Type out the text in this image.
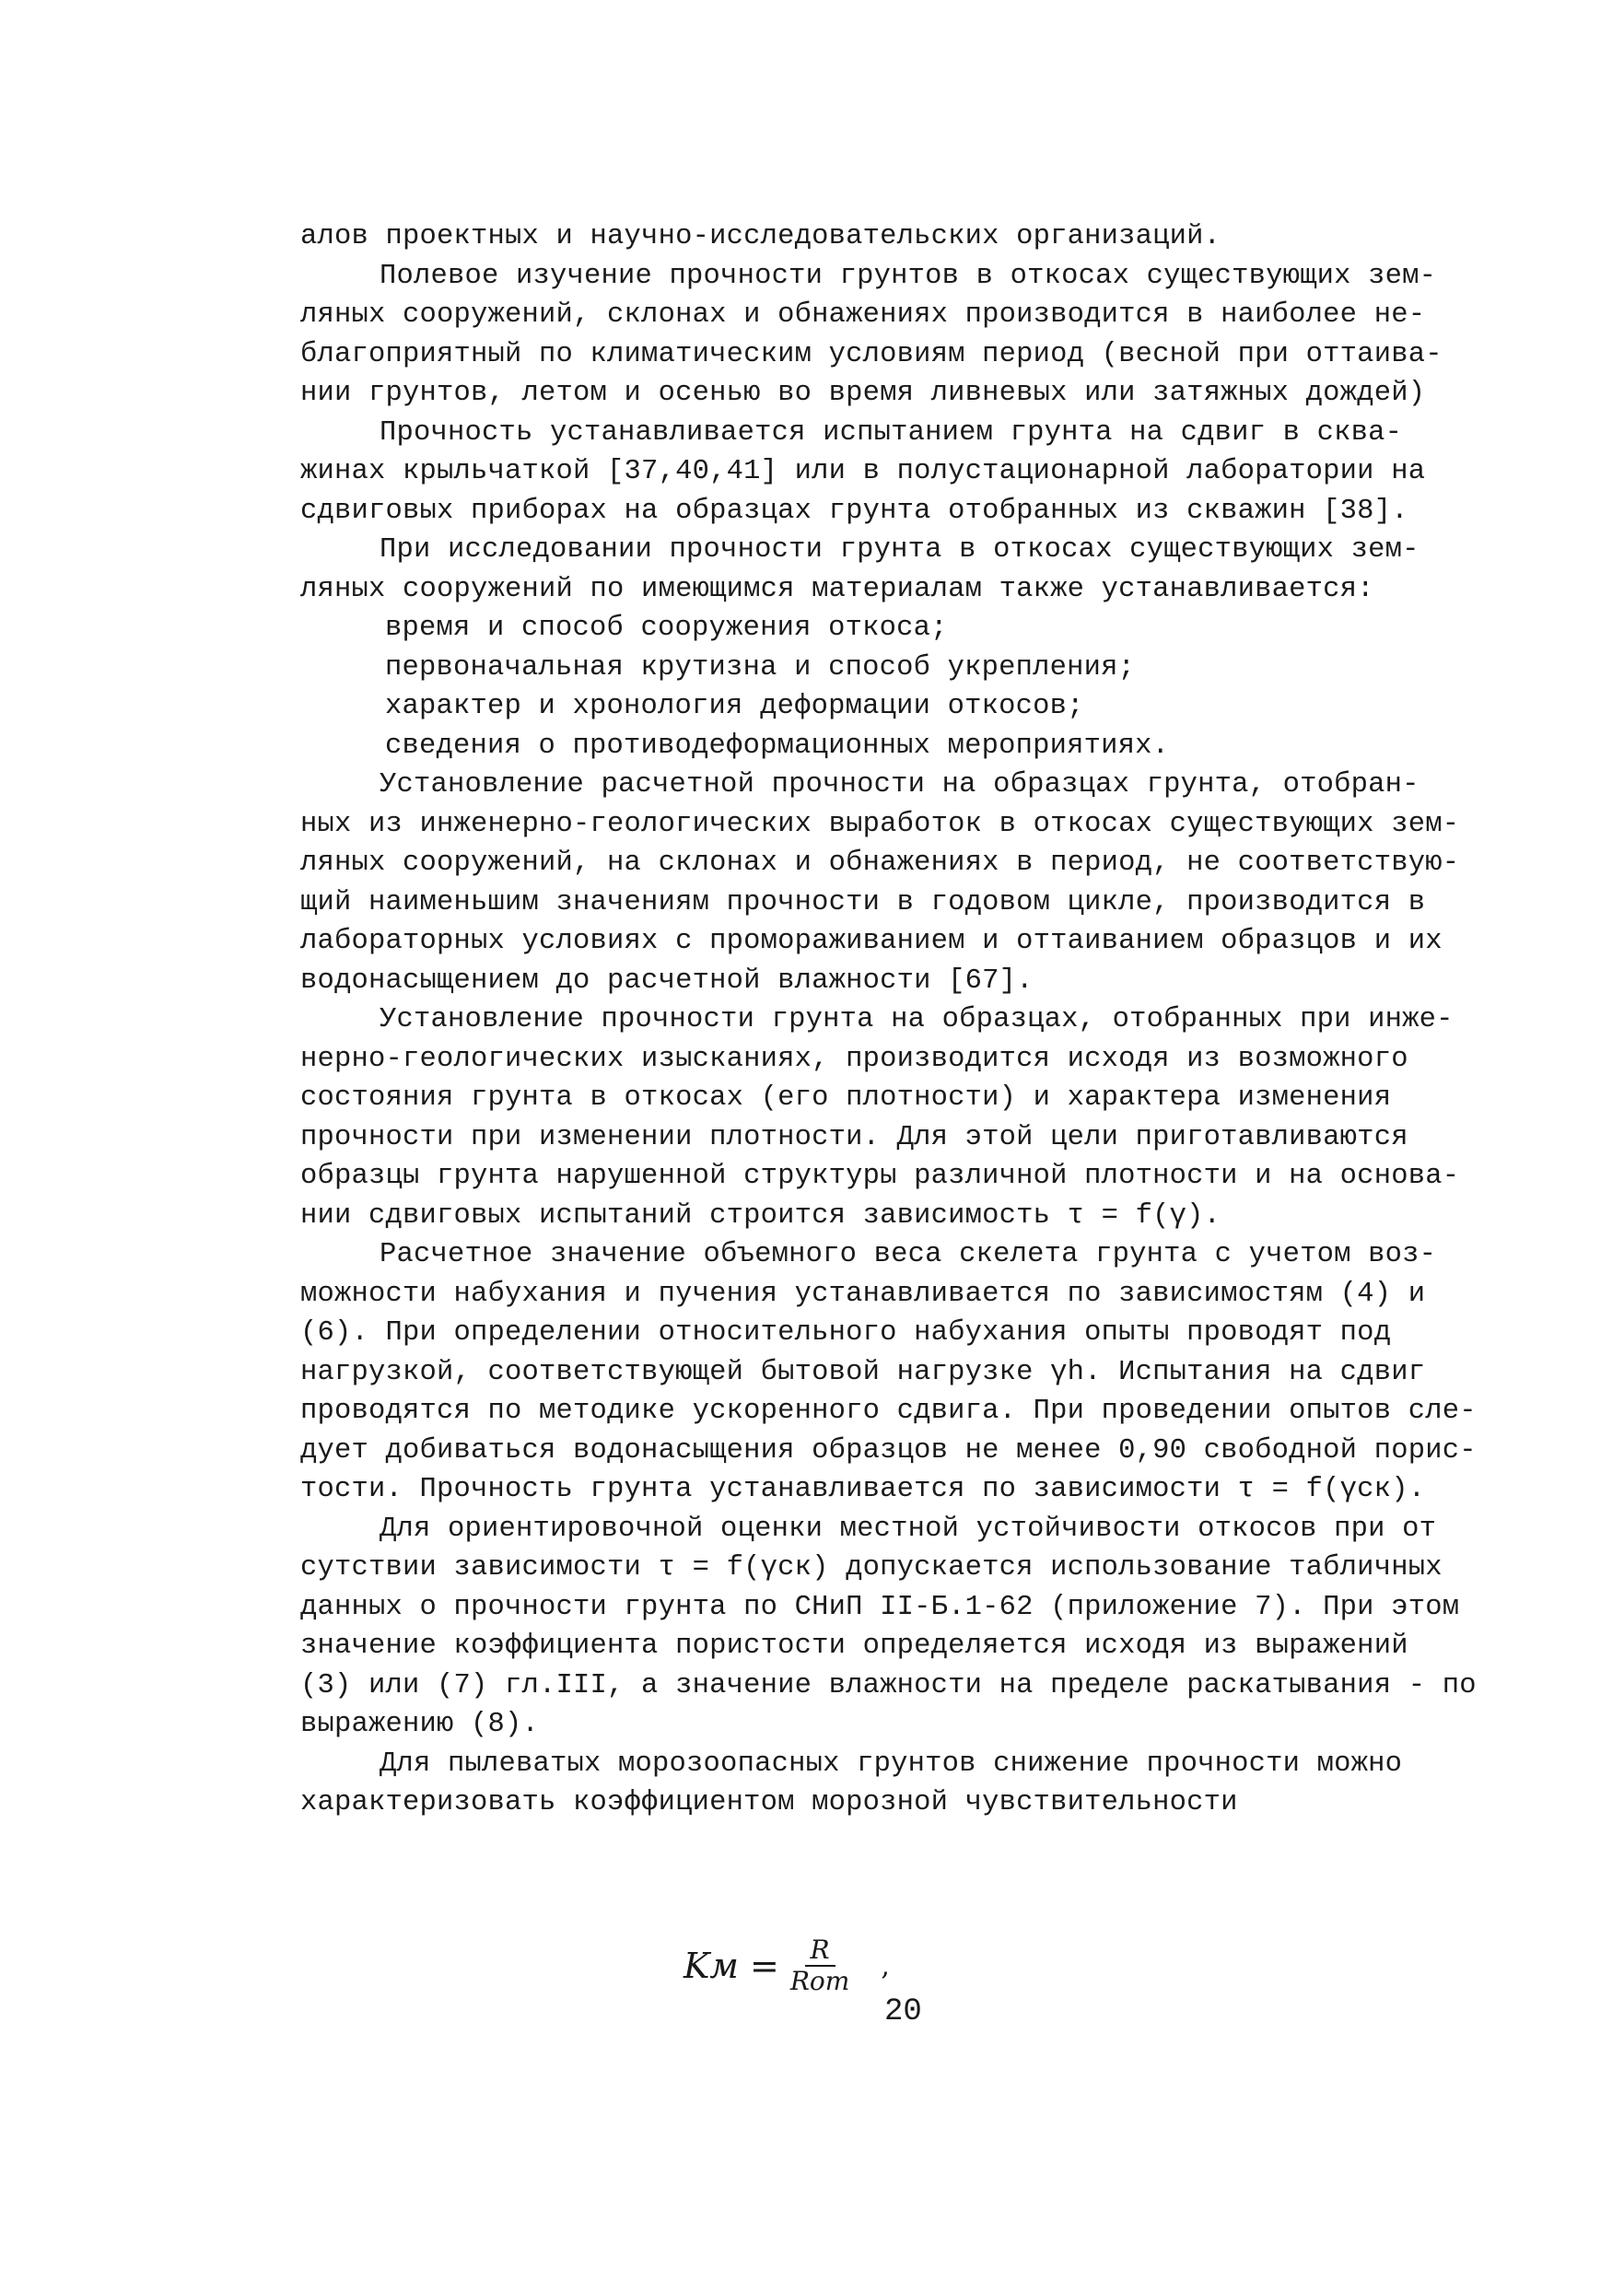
алов проектных и научно-исследовательских организаций.
Полевое изучение прочности грунтов в откосах существующих зем-
ляных сооружений, склонах и обнажениях производится в наиболее не-
благоприятный по климатическим условиям период (весной при оттаива-
нии грунтов, летом и осенью во время ливневых или затяжных дождей)
Прочность устанавливается испытанием грунта на сдвиг в сква-
жинах крыльчаткой [37,40,41] или в полустационарной лаборатории на
сдвиговых приборах на образцах грунта отобранных из скважин [38].
При исследовании прочности грунта в откосах существующих зем-
ляных сооружений по имеющимся материалам также устанавливается:
время и способ сооружения откоса;
первоначальная крутизна и способ укрепления;
характер и хронология деформации откосов;
сведения о противодеформационных мероприятиях.
Установление расчетной прочности на образцах грунта, отобран-
ных из инженерно-геологических выработок в откосах существующих зем-
ляных сооружений, на склонах и обнажениях в период, не соответствую-
щий наименьшим значениям прочности в годовом цикле, производится в
лабораторных условиях с промораживанием и оттаиванием образцов и их
водонасыщением до расчетной влажности [67].
Установление прочности грунта на образцах, отобранных при инже-
нерно-геологических изысканиях, производится исходя из возможного
состояния грунта в откосах (его плотности) и характера изменения
прочности при изменении плотности. Для этой цели приготавливаются
образцы грунта нарушенной структуры различной плотности и на основа-
нии сдвиговых испытаний строится зависимость τ = f(γ).
Расчетное значение объемного веса скелета грунта с учетом воз-
можности набухания и пучения устанавливается по зависимостям (4) и
(6). При определении относительного набухания опыты проводят под
нагрузкой, соответствующей бытовой нагрузке γh. Испытания на сдвиг
проводятся по методике ускоренного сдвига. При проведении опытов сле-
дует добиваться водонасыщения образцов не менее 0,90 свободной порис-
тости. Прочность грунта устанавливается по зависимости τ = f(γск).
Для ориентировочной оценки местной устойчивости откосов при от
сутствии зависимости τ = f(γск) допускается использование табличных
данных о прочности грунта по СНиП II-Б.1-62 (приложение 7). При этом
значение коэффициента пористости определяется исходя из выражений
(3) или (7) гл.III, а значение влажности на пределе раскатывания - по
выражению (8).
Для пылеватых морозоопасных грунтов снижение прочности можно
характеризовать коэффициентом морозной чувствительности
Kм = $\frac{R}{\text{Rот}}$ ,
20
